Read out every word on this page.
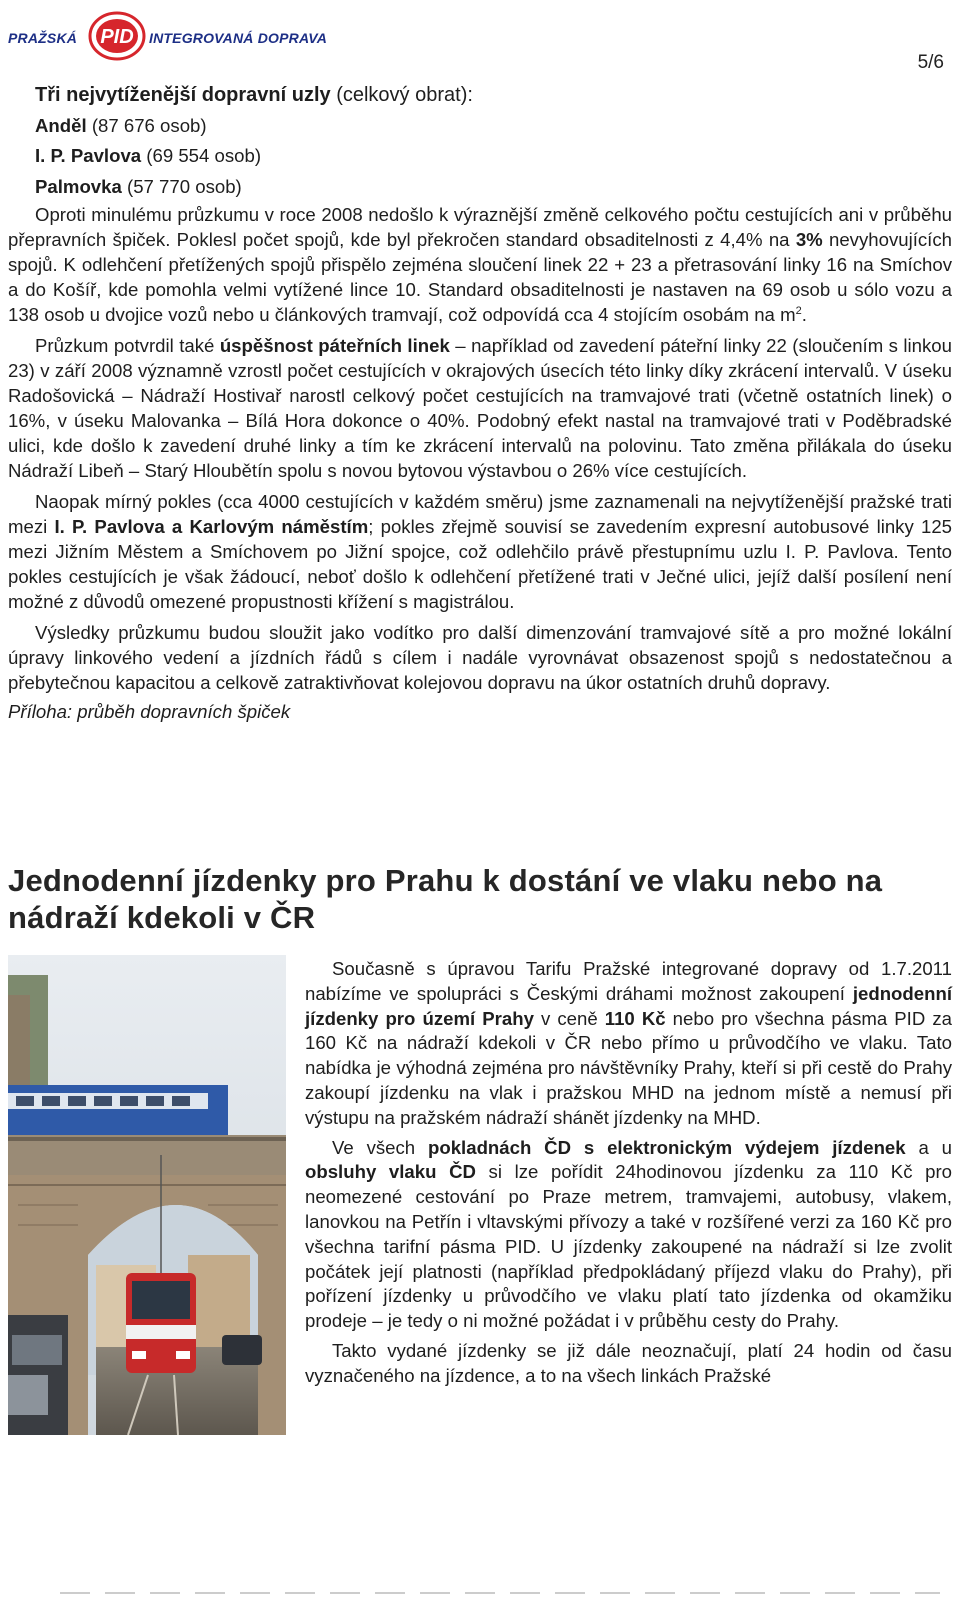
PRAŽSKÁ PID INTEGROVANÁ DOPRAVA
5/6
Tři nejvytíženější dopravní uzly (celkový obrat):
Anděl (87 676 osob)
I. P. Pavlova (69 554 osob)
Palmovka (57 770 osob)

Oproti minulému průzkumu v roce 2008 nedošlo k výraznější změně celkového počtu cestujících ani v průběhu přepravních špiček. Poklesl počet spojů, kde byl překročen standard obsaditelnosti z 4,4% na 3% nevyhovujících spojů. K odlehčení přetížených spojů přispělo zejména sloučení linek 22 + 23 a přetrasování linky 16 na Smíchov a do Košíř, kde pomohla velmi vytížené lince 10. Standard obsaditelnosti je nastaven na 69 osob u sólo vozu a 138 osob u dvojice vozů nebo u článkových tramvají, což odpovídá cca 4 stojícím osobám na $m^2$.

Průzkum potvrdil také úspěšnost páteřních linek – například od zavedení páteřní linky 22 (sloučením s linkou 23) v září 2008 významně vzrostl počet cestujících v okrajových úsecích této linky díky zkrácení intervalů. V úseku Radošovická – Nádraží Hostivař narostl celkový počet cestujících na tramvajové trati (včetně ostatních linek) o 16%, v úseku Malovanka – Bílá Hora dokonce o 40%. Podobný efekt nastal na tramvajové trati v Poděbradské ulici, kde došlo k zavedení druhé linky a tím ke zkrácení intervalů na polovinu. Tato změna přilákala do úseku Nádraží Libeň – Starý Hloubětín spolu s novou bytovou výstavbou o 26% více cestujících.

Naopak mírný pokles (cca 4000 cestujících v každém směru) jsme zaznamenali na nejvytíženější pražské trati mezi I. P. Pavlova a Karlovým náměstím; pokles zřejmě souvisí se zavedením expresní autobusové linky 125 mezi Jižním Městem a Smíchovem po Jižní spojce, což odlehčilo právě přestupnímu uzlu I. P. Pavlova. Tento pokles cestujících je však žádoucí, neboť došlo k odlehčení přetížené trati v Ječné ulici, jejíž další posílení není možné z důvodů omezené propustnosti křížení s magistrálou.

Výsledky průzkumu budou sloužit jako vodítko pro další dimenzování tramvajové sítě a pro možné lokální úpravy linkového vedení a jízdních řádů s cílem i nadále vyrovnávat obsazenost spojů s nedostatečnou a přebytečnou kapacitou a celkově zatraktivňovat kolejovou dopravu na úkor ostatních druhů dopravy.

Příloha: průběh dopravních špiček

Jednodenní jízdenky pro Prahu k dostání ve vlaku nebo na nádraží kdekoli v ČR

Současně s úpravou Tarifu Pražské integrované dopravy od 1.7.2011 nabízíme ve spolupráci s Českými dráhami možnost zakoupení jednodenní jízdenky pro území Prahy v ceně 110 Kč nebo pro všechna pásma PID za 160 Kč na nádraží kdekoli v ČR nebo přímo u průvodčího ve vlaku. Tato nabídka je výhodná zejména pro návštěvníky Prahy, kteří si při cestě do Prahy zakoupí jízdenku na vlak i pražskou MHD na jednom místě a nemusí při výstupu na pražském nádraží shánět jízdenky na MHD.

Ve všech pokladnách ČD s elektronickým výdejem jízdenek a u obsluhy vlaku ČD si lze pořídit 24hodinovou jízdenku za 110 Kč pro neomezené cestování po Praze metrem, tramvajemi, autobusy, vlakem, lanovkou na Petřín i vltavskými přívozy a také v rozšířené verzi za 160 Kč pro všechna tarifní pásma PID. U jízdenky zakoupené na nádraží si lze zvolit počátek její platnosti (například předpokládaný příjezd vlaku do Prahy), při pořízení jízdenky u průvodčího ve vlaku platí tato jízdenka od okamžiku prodeje – je tedy o ni možné požádat i v průběhu cesty do Prahy.

Takto vydané jízdenky se již dále neoznačují, platí 24 hodin od času vyznačeného na jízdence, a to na všech linkách Pražské
